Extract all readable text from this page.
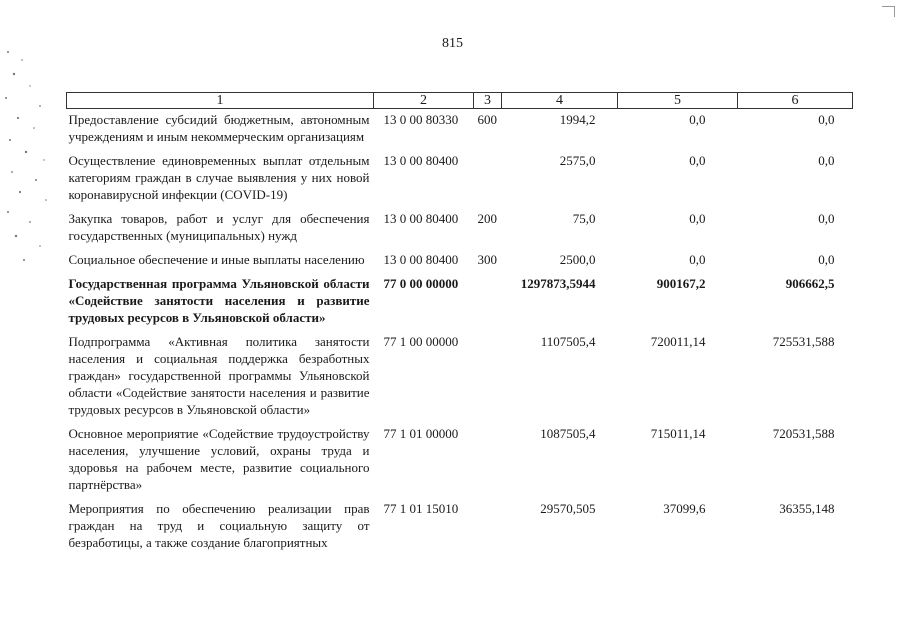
815
1	2	3	4	5	6
Предоставление субсидий бюджетным, автономным учреждениям и иным некоммерческим организациям	13 0 00 80330	600	1994,2	0,0	0,0
Осуществление единовременных выплат отдельным категориям граждан в случае выявления у них новой коронавирусной инфекции (COVID-19)	13 0 00 80400		2575,0	0,0	0,0
Закупка товаров, работ и услуг для обеспечения государственных (муниципальных) нужд	13 0 00 80400	200	75,0	0,0	0,0
Социальное обеспечение и иные выплаты населению	13 0 00 80400	300	2500,0	0,0	0,0
Государственная программа Ульяновской области «Содействие занятости населения и развитие трудовых ресурсов в Ульяновской области»	77 0 00 00000		1297873,5944	900167,2	906662,5
Подпрограмма «Активная политика занятости населения и социальная поддержка безработных граждан» государственной программы Ульяновской области «Содействие занятости населения и развитие трудовых ресурсов в Ульяновской области»	77 1 00 00000		1107505,4	720011,14	725531,588
Основное мероприятие «Содействие трудоустройству населения, улучшение условий, охраны труда и здоровья на рабочем месте, развитие социального партнёрства»	77 1 01 00000		1087505,4	715011,14	720531,588
Мероприятия по обеспечению реализации прав граждан на труд и социальную защиту от безработицы, а также создание благоприятных	77 1 01 15010		29570,505	37099,6	36355,148
